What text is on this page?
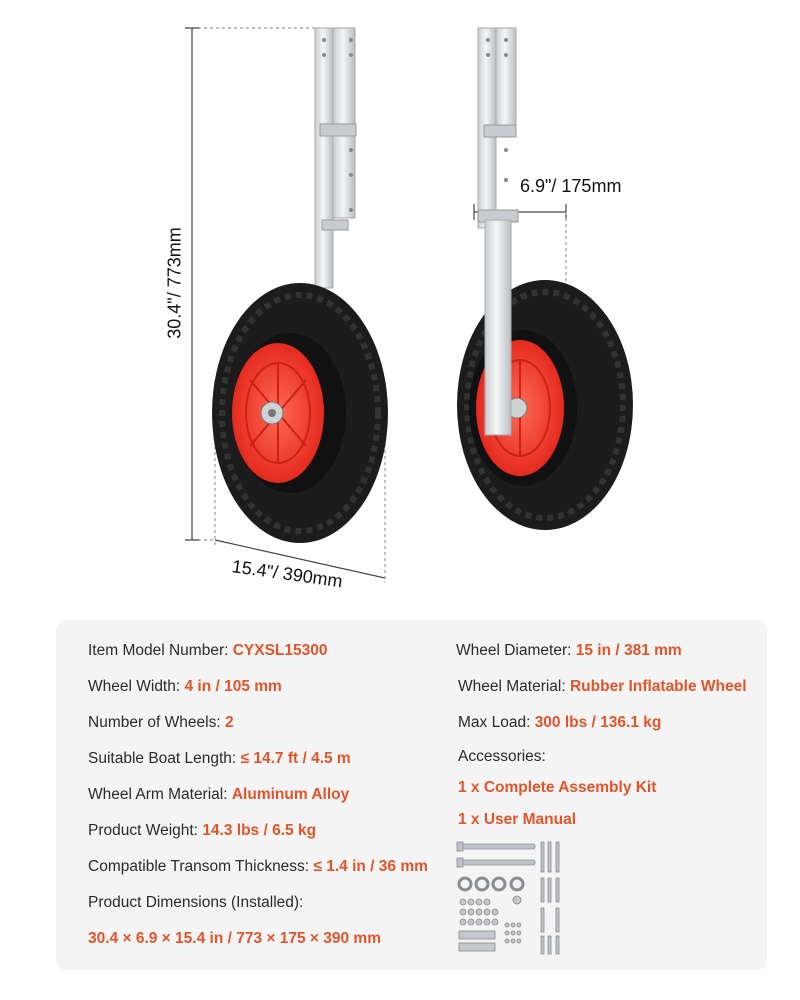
30.4"/ 773mm
6.9"/ 175mm
15.4"/ 390mm
Item Model Number: CYXSL15300
Wheel Width: 4 in / 105 mm
Number of Wheels: 2
Suitable Boat Length: ≤ 14.7 ft / 4.5 m
Wheel Arm Material: Aluminum Alloy
Product Weight: 14.3 lbs / 6.5 kg
Compatible Transom Thickness: ≤ 1.4 in / 36 mm
Product Dimensions (Installed):
30.4 × 6.9 × 15.4 in / 773 × 175 × 390 mm
Wheel Diameter: 15 in / 381 mm
Wheel Material: Rubber Inflatable Wheel
Max Load: 300 lbs / 136.1 kg
Accessories:
1 x Complete Assembly Kit
1 x User Manual
